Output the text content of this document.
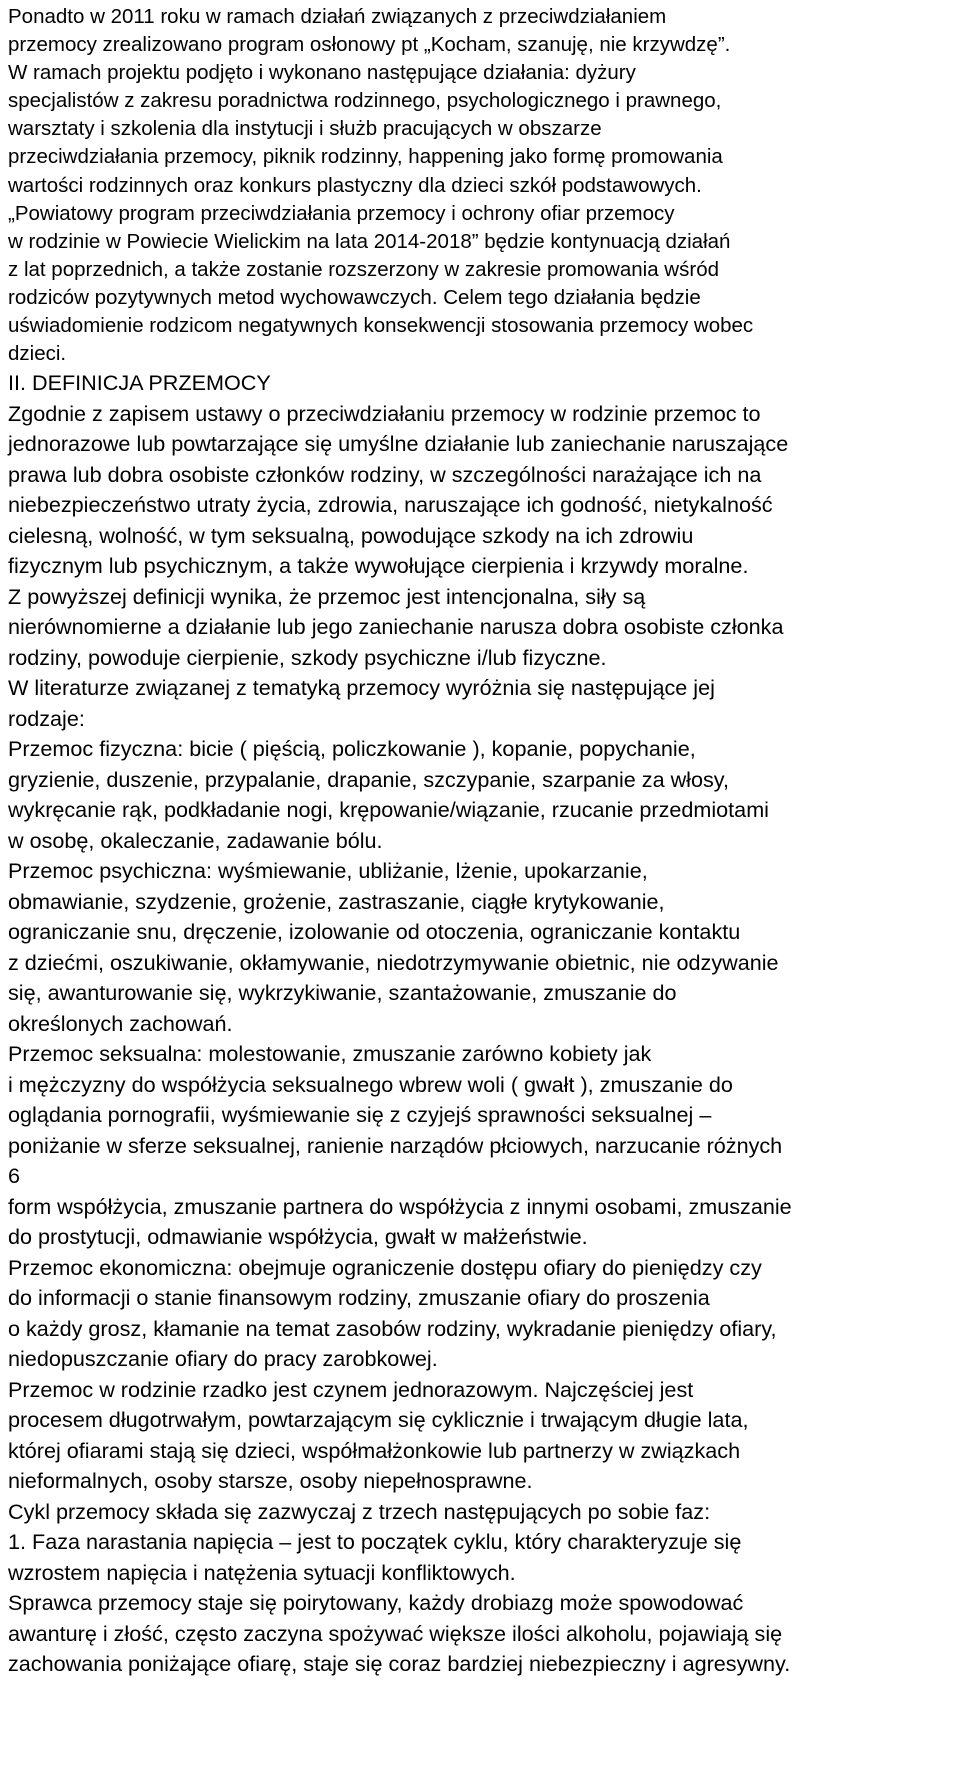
Ponadto w 2011 roku w ramach działań związanych z przeciwdziałaniem
przemocy zrealizowano program osłonowy pt „Kocham, szanuję, nie krzywdzę”.
W ramach projektu podjęto i wykonano następujące działania: dyżury
specjalistów z zakresu poradnictwa rodzinnego, psychologicznego i prawnego,
warsztaty i szkolenia dla instytucji i służb pracujących w obszarze
przeciwdziałania przemocy, piknik rodzinny, happening jako formę promowania
wartości rodzinnych oraz konkurs plastyczny dla dzieci szkół podstawowych.
„Powiatowy program przeciwdziałania przemocy i ochrony ofiar przemocy
w rodzinie w Powiecie Wielickim na lata 2014-2018” będzie kontynuacją działań
z lat poprzednich, a także zostanie rozszerzony w zakresie promowania wśród
rodziców pozytywnych metod wychowawczych. Celem tego działania będzie
uświadomienie rodzicom negatywnych konsekwencji stosowania przemocy wobec
dzieci.
II. DEFINICJA PRZEMOCY
Zgodnie z zapisem ustawy o przeciwdziałaniu przemocy w rodzinie przemoc to
jednorazowe lub powtarzające się umyślne działanie lub zaniechanie naruszające
prawa lub dobra osobiste członków rodziny, w szczególności narażające ich na
niebezpieczeństwo utraty życia, zdrowia, naruszające ich godność, nietykalność
cielesną, wolność, w tym seksualną, powodujące szkody na ich zdrowiu
fizycznym lub psychicznym, a także wywołujące cierpienia i krzywdy moralne.
Z powyższej definicji wynika, że przemoc jest intencjonalna, siły są
nierównomierne a działanie lub jego zaniechanie narusza dobra osobiste członka
rodziny, powoduje cierpienie, szkody psychiczne i/lub fizyczne.
W literaturze związanej z tematyką przemocy wyróżnia się następujące jej
rodzaje:
Przemoc fizyczna: bicie ( pięścią, policzkowanie ), kopanie, popychanie,
gryzienie, duszenie, przypalanie, drapanie, szczypanie, szarpanie za włosy,
wykręcanie rąk, podkładanie nogi, krępowanie/wiązanie, rzucanie przedmiotami
w osobę, okaleczanie, zadawanie bólu.
Przemoc psychiczna: wyśmiewanie, ubliżanie, lżenie, upokarzanie,
obmawianie, szydzenie, grożenie, zastraszanie, ciągłe krytykowanie,
ograniczanie snu, dręczenie, izolowanie od otoczenia, ograniczanie kontaktu
z dziećmi, oszukiwanie, okłamywanie, niedotrzymywanie obietnic, nie odzywanie
się, awanturowanie się, wykrzykiwanie, szantażowanie, zmuszanie do
określonych zachowań.
Przemoc seksualna: molestowanie, zmuszanie zarówno kobiety jak
i mężczyzny do współżycia seksualnego wbrew woli ( gwałt ), zmuszanie do
oglądania pornografii, wyśmiewanie się z czyjejś sprawności seksualnej –
poniżanie w sferze seksualnej, ranienie narządów płciowych, narzucanie różnych
6
form współżycia, zmuszanie partnera do współżycia z innymi osobami, zmuszanie
do prostytucji, odmawianie współżycia, gwałt w małżeństwie.
Przemoc ekonomiczna: obejmuje ograniczenie dostępu ofiary do pieniędzy czy
do informacji o stanie finansowym rodziny, zmuszanie ofiary do proszenia
o każdy grosz, kłamanie na temat zasobów rodziny, wykradanie pieniędzy ofiary,
niedopuszczanie ofiary do pracy zarobkowej.
Przemoc w rodzinie rzadko jest czynem jednorazowym. Najczęściej jest
procesem długotrwałym, powtarzającym się cyklicznie i trwającym długie lata,
której ofiarami stają się dzieci, współmałżonkowie lub partnerzy w związkach
nieformalnych, osoby starsze, osoby niepełnosprawne.
Cykl przemocy składa się zazwyczaj z trzech następujących po sobie faz:
1. Faza narastania napięcia – jest to początek cyklu, który charakteryzuje się
wzrostem napięcia i natężenia sytuacji konfliktowych.
Sprawca przemocy staje się poirytowany, każdy drobiazg może spowodować
awanturę i złość, często zaczyna spożywać większe ilości alkoholu, pojawiają się
zachowania poniżające ofiarę, staje się coraz bardziej niebezpieczny i agresywny.
